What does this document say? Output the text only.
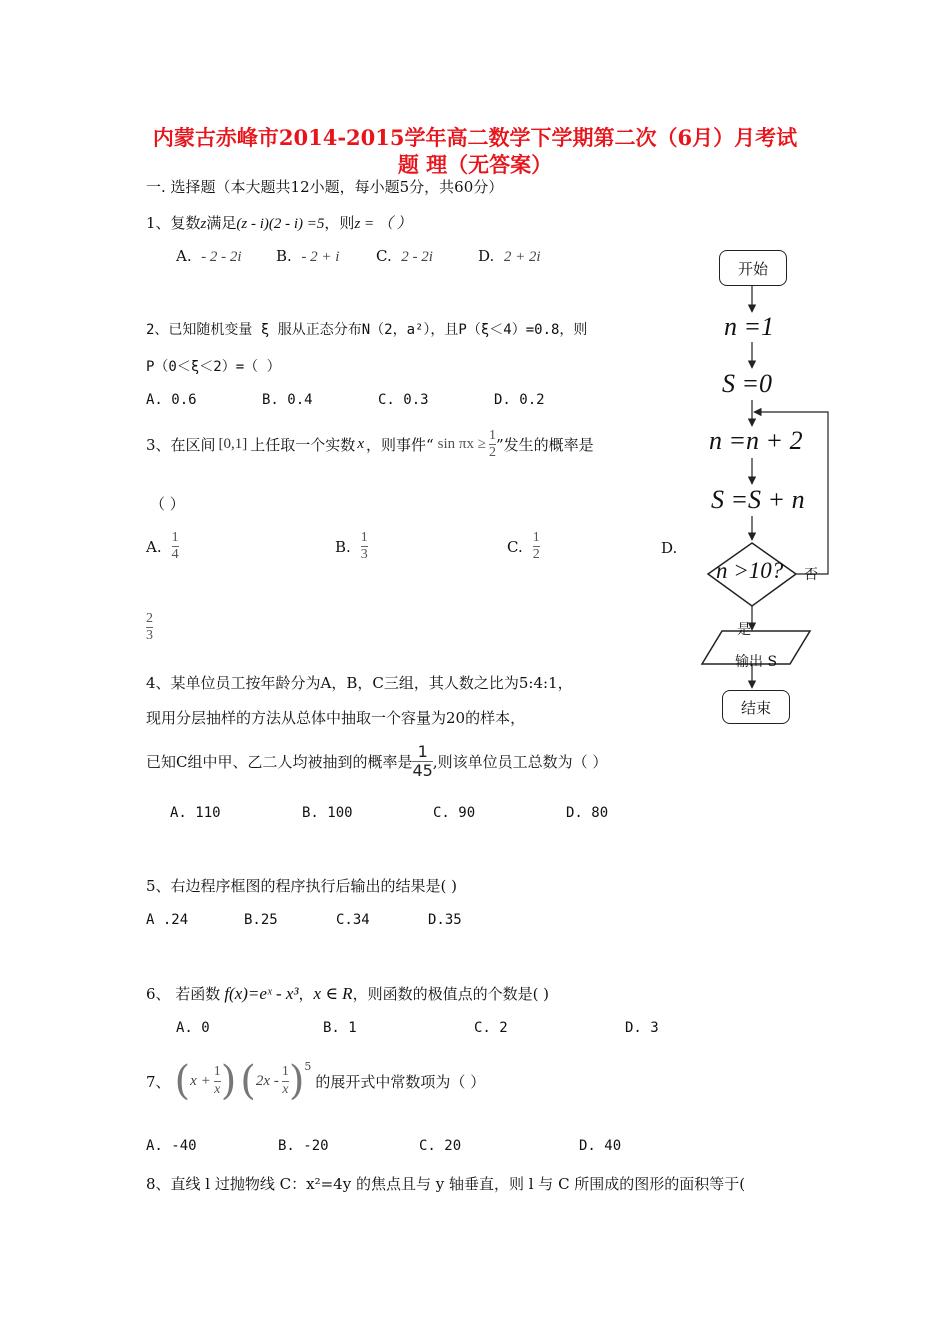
内蒙古赤峰市2014-2015学年高二数学下学期第二次（6月）月考试
题 理（无答案）
一. 选择题（本大题共12小题，每小题5分，共60分）
1、复数z满足(z - i)(2 - i) =5，则z = （ ）
A. - 2 - 2i B. - 2 + i C. 2 - 2i	D. 2 + 2i
2、已知随机变量 ξ 服从正态分布N（2，a²），且P（ξ＜4）=0.8，则
P（0＜ξ＜2）=（ ）
A. 0.6	B. 0.4	C. 0.3	D. 0.2
3、在区间 [0,1] 上任取一个实数 x ，则事件“ $\sin \pi x \ge \frac{1}{2}$ ”发生的概率是
（ ）
A. $\frac{1}{4}$	B. $\frac{1}{3}$	C. $\frac{1}{2}$	D.
$\frac{2}{3}$
4、某单位员工按年龄分为A，B，C三组，其人数之比为5:4:1，
现用分层抽样的方法从总体中抽取一个容量为20的样本，
已知C组中甲、乙二人均被抽到的概率是 $\frac{1}{45}$ ,则该单位员工总数为（ ）
A. 110	B. 100	C. 90	D. 80
5、右边程序框图的程序执行后输出的结果是( )
A .24	B.25	C.34	D.35
6、 若函数 f(x)=eˣ - x³ ， x ∈ R ，则函数的极值点的个数是( )
A. 0	B. 1	C. 2	D. 3
7、 ( $x + \frac{1}{x}$ ) ( $2x - \frac{1}{x}$ ) 5
的展开式中常数项为（ ）
A. -40	B. -20	C. 20	D. 40
8、直线 l 过抛物线 C：x²=4y 的焦点且与 y 轴垂直，则 l 与 C 所围成的图形的面积等于(
开始
n =1
S =0
n =n + 2
S =S + n
n >10? 否
是
输出 S
结束
